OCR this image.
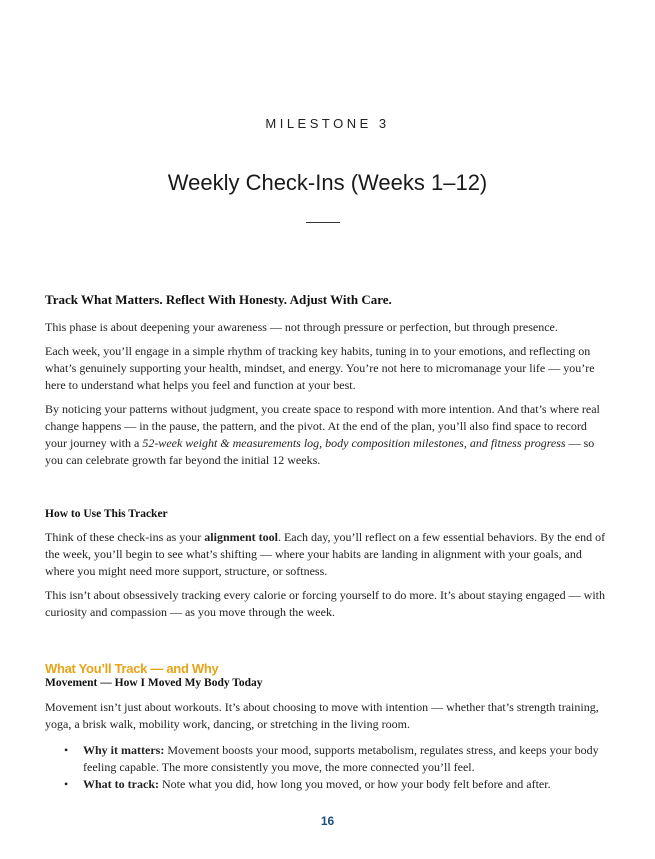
MILESTONE 3
Weekly Check-Ins (Weeks 1–12)
Track What Matters. Reflect With Honesty. Adjust With Care.

This phase is about deepening your awareness — not through pressure or perfection, but through presence.

Each week, you’ll engage in a simple rhythm of tracking key habits, tuning in to your emotions, and reflecting on what’s genuinely supporting your health, mindset, and energy. You’re not here to micromanage your life — you’re here to understand what helps you feel and function at your best.

By noticing your patterns without judgment, you create space to respond with more intention. And that’s where real change happens — in the pause, the pattern, and the pivot. At the end of the plan, you’ll also find space to record your journey with a 52-week weight & measurements log, body composition milestones, and fitness progress — so you can celebrate growth far beyond the initial 12 weeks.

How to Use This Tracker

Think of these check-ins as your alignment tool. Each day, you’ll reflect on a few essential behaviors. By the end of the week, you’ll begin to see what’s shifting — where your habits are landing in alignment with your goals, and where you might need more support, structure, or softness.

This isn’t about obsessively tracking every calorie or forcing yourself to do more. It’s about staying engaged — with curiosity and compassion — as you move through the week.

What You’ll Track — and Why
Movement — How I Moved My Body Today

Movement isn’t just about workouts. It’s about choosing to move with intention — whether that’s strength training, yoga, a brisk walk, mobility work, dancing, or stretching in the living room.

• Why it matters: Movement boosts your mood, supports metabolism, regulates stress, and keeps your body feeling capable. The more consistently you move, the more connected you’ll feel.
• What to track: Note what you did, how long you moved, or how your body felt before and after.
16
